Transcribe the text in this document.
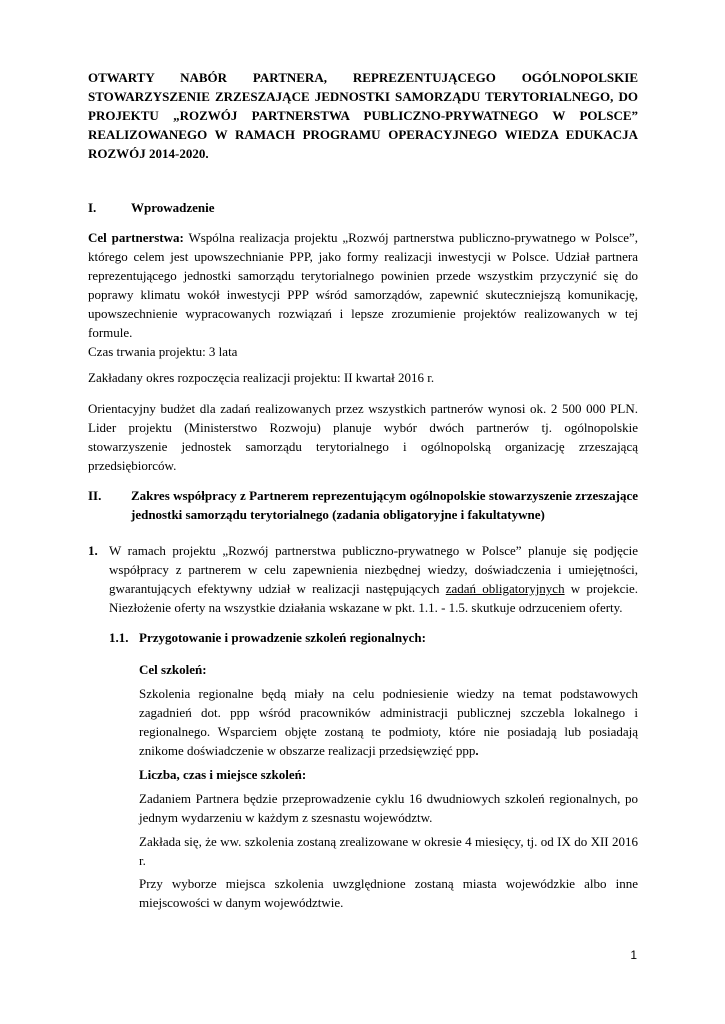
OTWARTY NABÓR PARTNERA, REPREZENTUJĄCEGO OGÓLNOPOLSKIE STOWARZYSZENIE ZRZESZAJĄCE JEDNOSTKI SAMORZĄDU TERYTORIALNEGO, DO PROJEKTU „ROZWÓJ PARTNERSTWA PUBLICZNO-PRYWATNEGO W POLSCE” REALIZOWANEGO W RAMACH PROGRAMU OPERACYJNEGO WIEDZA EDUKACJA ROZWÓJ 2014-2020.
I.	Wprowadzenie
Cel partnerstwa: Wspólna realizacja projektu „Rozwój partnerstwa publiczno-prywatnego w Polsce”, którego celem jest upowszechnianie PPP, jako formy realizacji inwestycji w Polsce. Udział partnera reprezentującego jednostki samorządu terytorialnego powinien przede wszystkim przyczynić się do poprawy klimatu wokół inwestycji PPP wśród samorządów, zapewnić skuteczniejszą komunikację, upowszechnienie wypracowanych rozwiązań i lepsze zrozumienie projektów realizowanych w tej formule.
Czas trwania projektu: 3 lata
Zakładany okres rozpoczęcia realizacji projektu: II kwartał 2016 r.
Orientacyjny budżet dla zadań realizowanych przez wszystkich partnerów wynosi ok. 2 500 000 PLN. Lider projektu (Ministerstwo Rozwoju) planuje wybór dwóch partnerów tj. ogólnopolskie stowarzyszenie jednostek samorządu terytorialnego i ogólnopolską organizację zrzeszającą przedsiębiorców.
II. Zakres współpracy z Partnerem reprezentującym ogólnopolskie stowarzyszenie zrzeszające jednostki samorządu terytorialnego (zadania obligatoryjne i fakultatywne)
1. W ramach projektu „Rozwój partnerstwa publiczno-prywatnego w Polsce” planuje się podjęcie współpracy z partnerem w celu zapewnienia niezbędnej wiedzy, doświadczenia i umiejętności, gwarantujących efektywny udział w realizacji następujących zadań obligatoryjnych w projekcie. Niezłożenie oferty na wszystkie działania wskazane w pkt. 1.1. - 1.5. skutkuje odrzuceniem oferty.
1.1. Przygotowanie i prowadzenie szkoleń regionalnych:
Cel szkoleń:
Szkolenia regionalne będą miały na celu podniesienie wiedzy na temat podstawowych zagadnień dot. ppp wśród pracowników administracji publicznej szczebla lokalnego i regionalnego. Wsparciem objęte zostaną te podmioty, które nie posiadają lub posiadają znikome doświadczenie w obszarze realizacji przedsięwzięć ppp.
Liczba, czas i miejsce szkoleń:
Zadaniem Partnera będzie przeprowadzenie cyklu 16 dwudniowych szkoleń regionalnych, po jednym wydarzeniu w każdym z szesnastu województw.
Zakłada się, że ww. szkolenia zostaną zrealizowane w okresie 4 miesięcy, tj. od IX do XII 2016 r.
Przy wyborze miejsca szkolenia uwzględnione zostaną miasta wojewódzkie albo inne miejscowości w danym województwie.
1
